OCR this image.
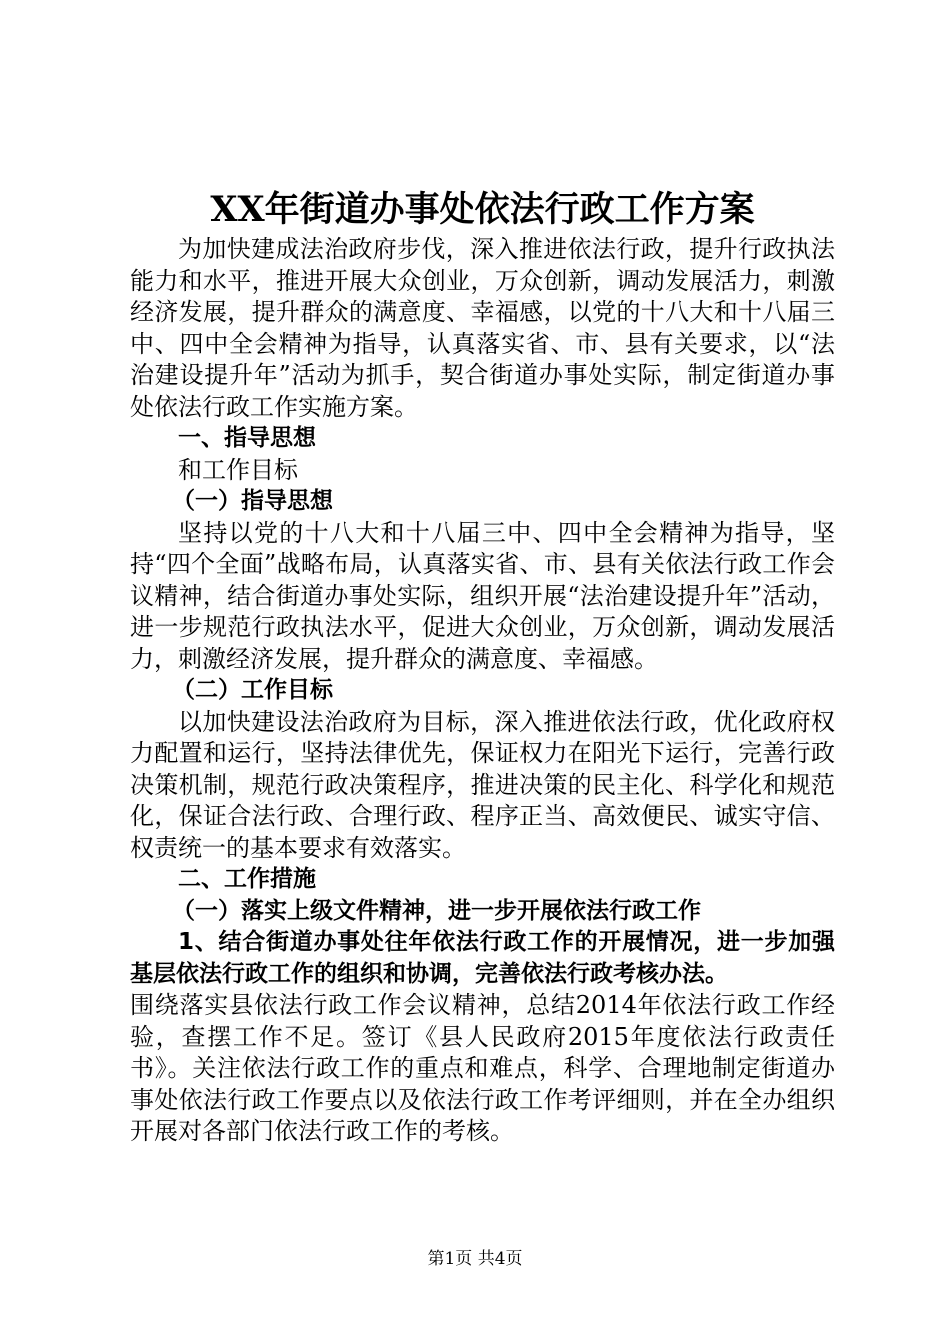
XX年街道办事处依法行政工作方案

为加快建成法治政府步伐，深入推进依法行政，提升行政执法能力和水平，推进开展大众创业，万众创新，调动发展活力，刺激经济发展，提升群众的满意度、幸福感，以党的十八大和十八届三中、四中全会精神为指导，认真落实省、市、县有关要求，以“法治建设提升年”活动为抓手，契合街道办事处实际，制定街道办事处依法行政工作实施方案。

一、指导思想

和工作目标

（一）指导思想

坚持以党的十八大和十八届三中、四中全会精神为指导，坚持“四个全面”战略布局，认真落实省、市、县有关依法行政工作会议精神，结合街道办事处实际，组织开展“法治建设提升年”活动，进一步规范行政执法水平，促进大众创业，万众创新，调动发展活力，刺激经济发展，提升群众的满意度、幸福感。

（二）工作目标

以加快建设法治政府为目标，深入推进依法行政，优化政府权力配置和运行，坚持法律优先，保证权力在阳光下运行，完善行政决策机制，规范行政决策程序，推进决策的民主化、科学化和规范化，保证合法行政、合理行政、程序正当、高效便民、诚实守信、权责统一的基本要求有效落实。

二、工作措施

（一）落实上级文件精神，进一步开展依法行政工作

1、结合街道办事处往年依法行政工作的开展情况，进一步加强基层依法行政工作的组织和协调，完善依法行政考核办法。

围绕落实县依法行政工作会议精神，总结2014年依法行政工作经验，查摆工作不足。签订《县人民政府2015年度依法行政责任书》。关注依法行政工作的重点和难点，科学、合理地制定街道办事处依法行政工作要点以及依法行政工作考评细则，并在全办组织开展对各部门依法行政工作的考核。

第1页 共4页
